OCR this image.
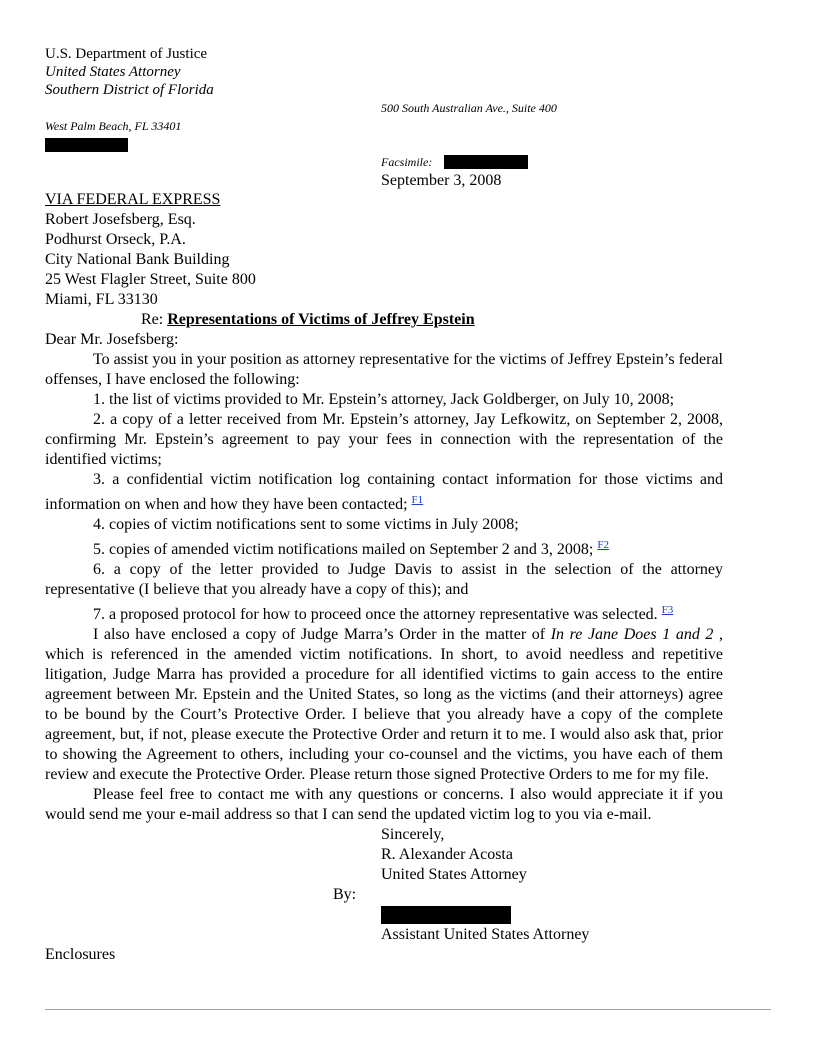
U.S. Department of Justice
United States Attorney
Southern District of Florida
500 South Australian Ave., Suite 400
West Palm Beach, FL 33401
Facsimile:
September 3, 2008
VIA FEDERAL EXPRESS
Robert Josefsberg, Esq.
Podhurst Orseck, P.A.
City National Bank Building
25 West Flagler Street, Suite 800
Miami, FL 33130
Re: Representations of Victims of Jeffrey Epstein
Dear Mr. Josefsberg:
To assist you in your position as attorney representative for the victims of Jeffrey Epstein’s federal offenses, I have enclosed the following:
1. the list of victims provided to Mr. Epstein’s attorney, Jack Goldberger, on July 10, 2008;
2. a copy of a letter received from Mr. Epstein’s attorney, Jay Lefkowitz, on September 2, 2008, confirming Mr. Epstein’s agreement to pay your fees in connection with the representation of the identified victims;
3. a confidential victim notification log containing contact information for those victims and information on when and how they have been contacted; $^{F1}$
4. copies of victim notifications sent to some victims in July 2008;
5. copies of amended victim notifications mailed on September 2 and 3, 2008; $^{F2}$
6. a copy of the letter provided to Judge Davis to assist in the selection of the attorney representative (I believe that you already have a copy of this); and
7. a proposed protocol for how to proceed once the attorney representative was selected. $^{F3}$
I also have enclosed a copy of Judge Marra’s Order in the matter of In re Jane Does 1 and 2 , which is referenced in the amended victim notifications. In short, to avoid needless and repetitive litigation, Judge Marra has provided a procedure for all identified victims to gain access to the entire agreement between Mr. Epstein and the United States, so long as the victims (and their attorneys) agree to be bound by the Court’s Protective Order. I believe that you already have a copy of the complete agreement, but, if not, please execute the Protective Order and return it to me. I would also ask that, prior to showing the Agreement to others, including your co-counsel and the victims, you have each of them review and execute the Protective Order. Please return those signed Protective Orders to me for my file.
Please feel free to contact me with any questions or concerns. I also would appreciate it if you would send me your e-mail address so that I can send the updated victim log to you via e-mail.
Sincerely,
R. Alexander Acosta
United States Attorney
By:
Assistant United States Attorney
Enclosures
